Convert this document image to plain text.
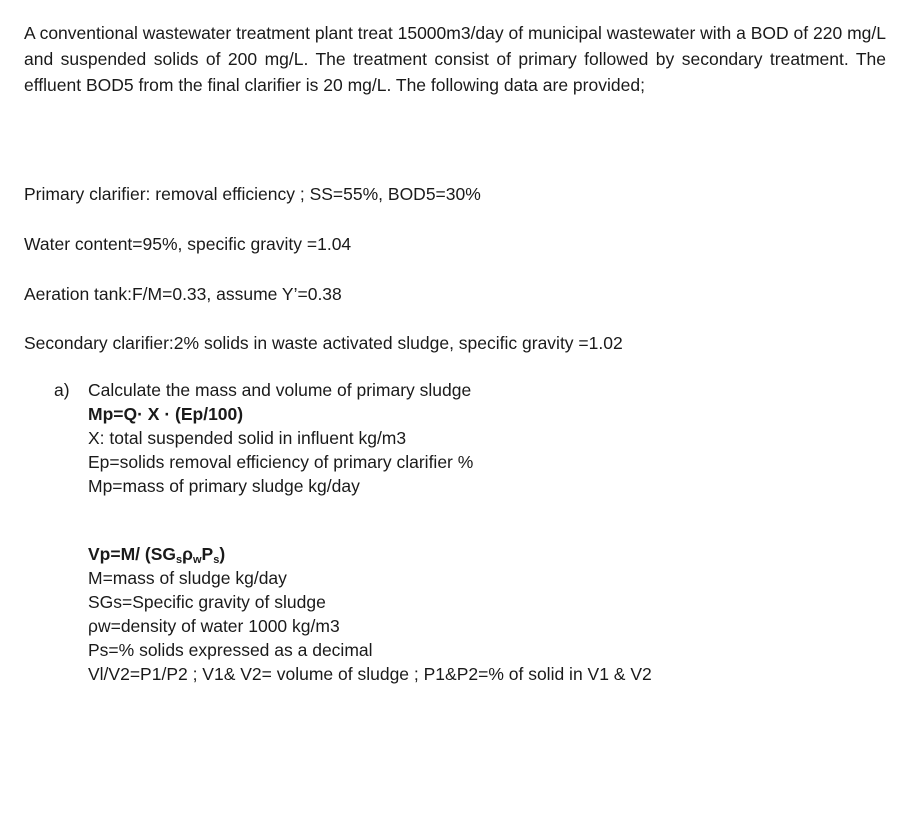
A conventional wastewater treatment plant treat 15000m3/day of municipal wastewater with a BOD of 220 mg/L and suspended solids of 200 mg/L. The treatment consist of primary followed by secondary treatment. The effluent BOD5 from the final clarifier is 20 mg/L. The following data are provided;

Primary clarifier: removal efficiency ; SS=55%, BOD5=30%

Water content=95%, specific gravity =1.04

Aeration tank:F/M=0.33, assume Y’=0.38

Secondary clarifier:2% solids in waste activated sludge, specific gravity =1.02

a)	Calculate the mass and volume of primary sludge
Mp=Q· X · (Ep/100)
X: total suspended solid in influent kg/m3
Ep=solids removal efficiency of primary clarifier %
Mp=mass of primary sludge kg/day
Vp=M/ $(SG_s\rho_wP_s)$
M=mass of sludge kg/day
SGs=Specific gravity of sludge
ρw=density of water 1000 kg/m3
Ps=% solids expressed as a decimal
Vl/V2=P1/P2 ; V1& V2= volume of sludge ; P1&P2=% of solid in V1 & V2
